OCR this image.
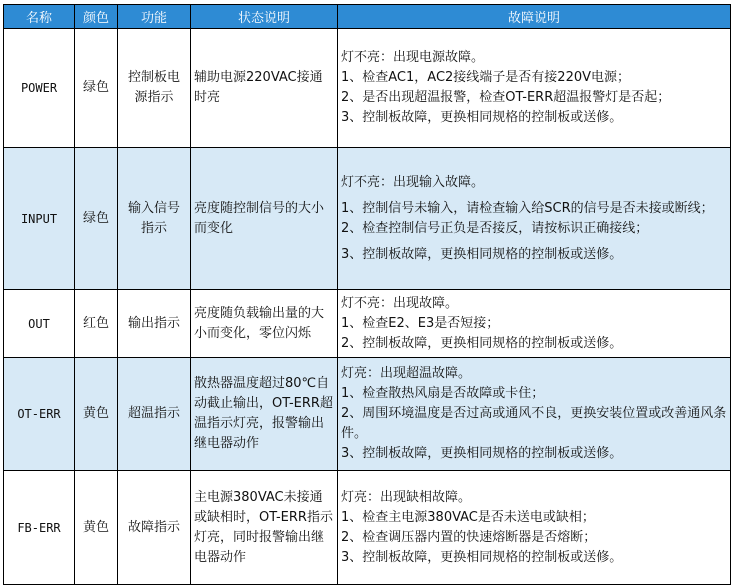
名称	颜色	功能	状态说明	故障说明
POWER	绿色	控制板电源指示	辅助电源220VAC接通时亮	灯不亮：出现电源故障。

1、检查AC1，AC2接线端子是否有接220V电源；

2、是否出现超温报警，检查OT-ERR超温报警灯是否起；

3、控制板故障，更换相同规格的控制板或送修。

INPUT	绿色	输入信号指示	亮度随控制信号的大小而变化	灯不亮：出现输入故障。

1、控制信号未输入，请检查输入给SCR的信号是否未接或断线；

2、检查控制信号正负是否接反，请按标识正确接线；

3、控制板故障，更换相同规格的控制板或送修。

OUT	红色	输出指示	亮度随负载输出量的大小而变化，零位闪烁	灯不亮：出现故障。

1、检查E2、E3是否短接；

2、控制板故障，更换相同规格的控制板或送修。

OT-ERR	黄色	超温指示	散热器温度超过80℃自动截止输出，OT-ERR超温指示灯亮，报警输出继电器动作	灯亮：出现超温故障。

1、检查散热风扇是否故障或卡住；

2、周围环境温度是否过高或通风不良，更换安装位置或改善通风条件。

3、控制板故障，更换相同规格的控制板或送修。

FB-ERR	黄色	故障指示	主电源380VAC未接通或缺相时，OT-ERR指示灯亮，同时报警输出继电器动作	灯亮：出现缺相故障。

1、检查主电源380VAC是否未送电或缺相；

2、检查调压器内置的快速熔断器是否熔断；

3、控制板故障，更换相同规格的控制板或送修。
